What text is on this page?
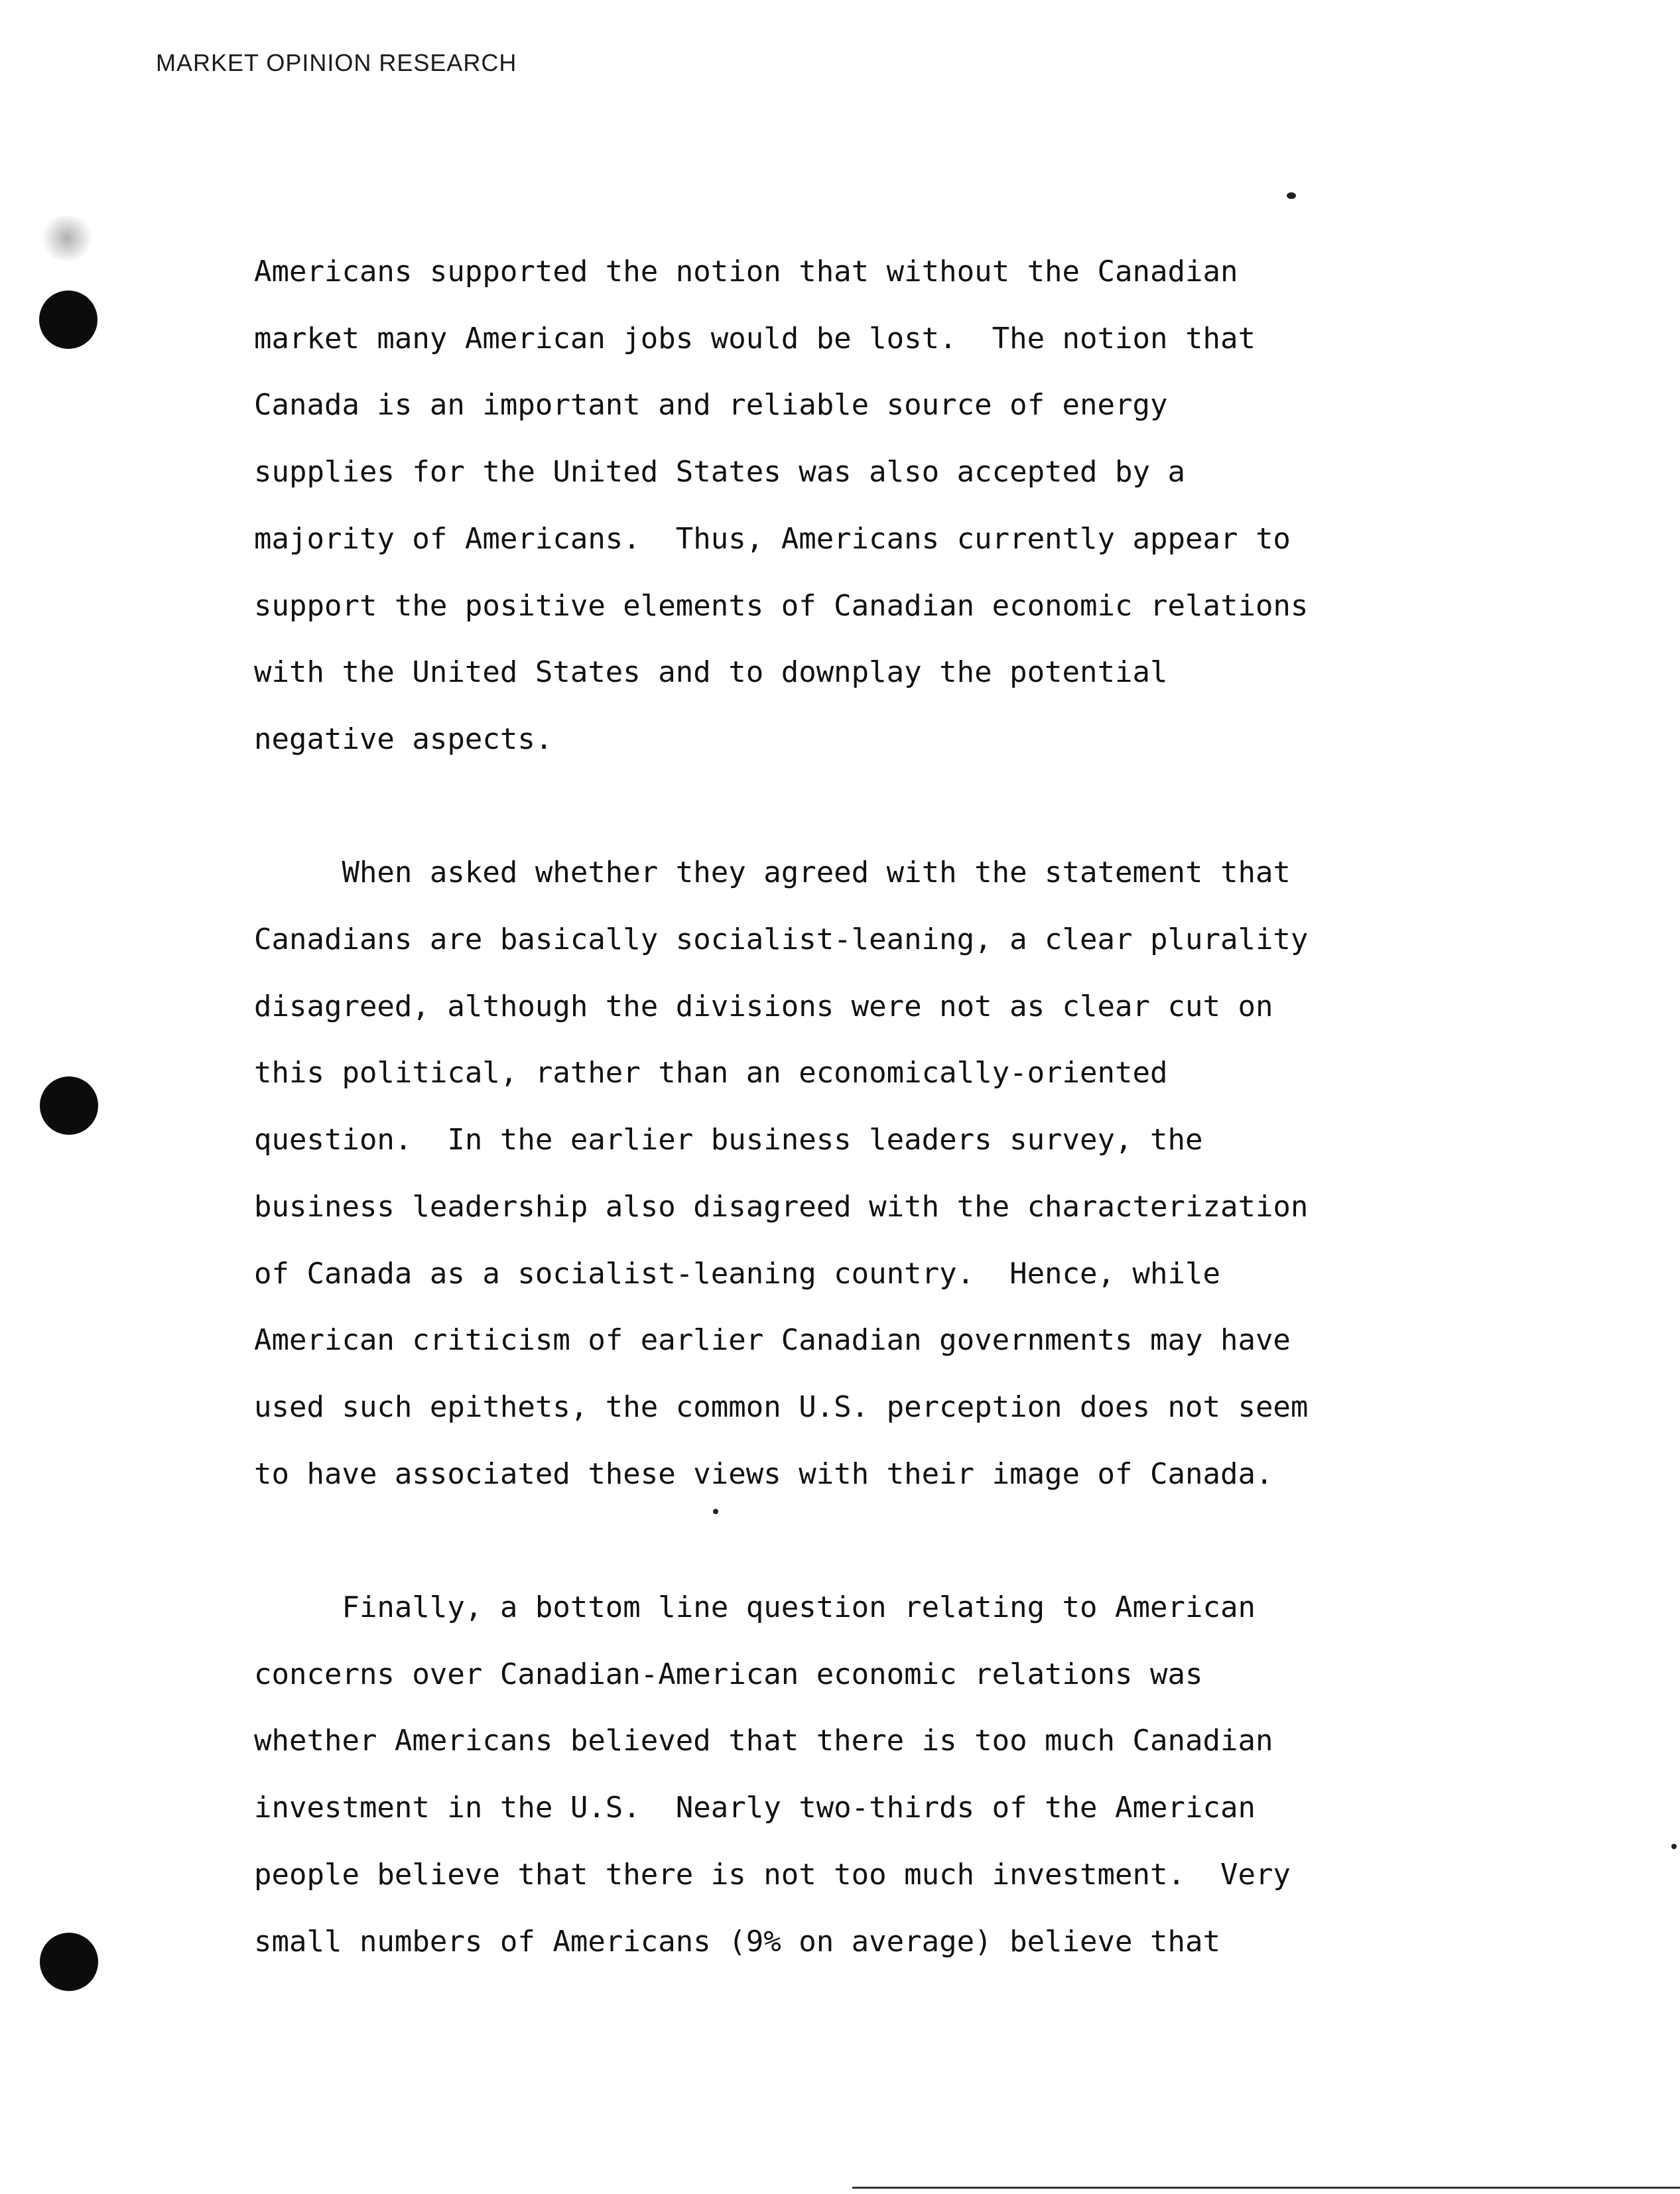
MARKET OPINION RESEARCH
Americans supported the notion that without the Canadian
market many American jobs would be lost.  The notion that
Canada is an important and reliable source of energy
supplies for the United States was also accepted by a
majority of Americans.  Thus, Americans currently appear to
support the positive elements of Canadian economic relations
with the United States and to downplay the potential
negative aspects.
When asked whether they agreed with the statement that
Canadians are basically socialist-leaning, a clear plurality
disagreed, although the divisions were not as clear cut on
this political, rather than an economically-oriented
question.  In the earlier business leaders survey, the
business leadership also disagreed with the characterization
of Canada as a socialist-leaning country.  Hence, while
American criticism of earlier Canadian governments may have
used such epithets, the common U.S. perception does not seem
to have associated these views with their image of Canada.
Finally, a bottom line question relating to American
concerns over Canadian-American economic relations was
whether Americans believed that there is too much Canadian
investment in the U.S.  Nearly two-thirds of the American
people believe that there is not too much investment.  Very
small numbers of Americans (9% on average) believe that
